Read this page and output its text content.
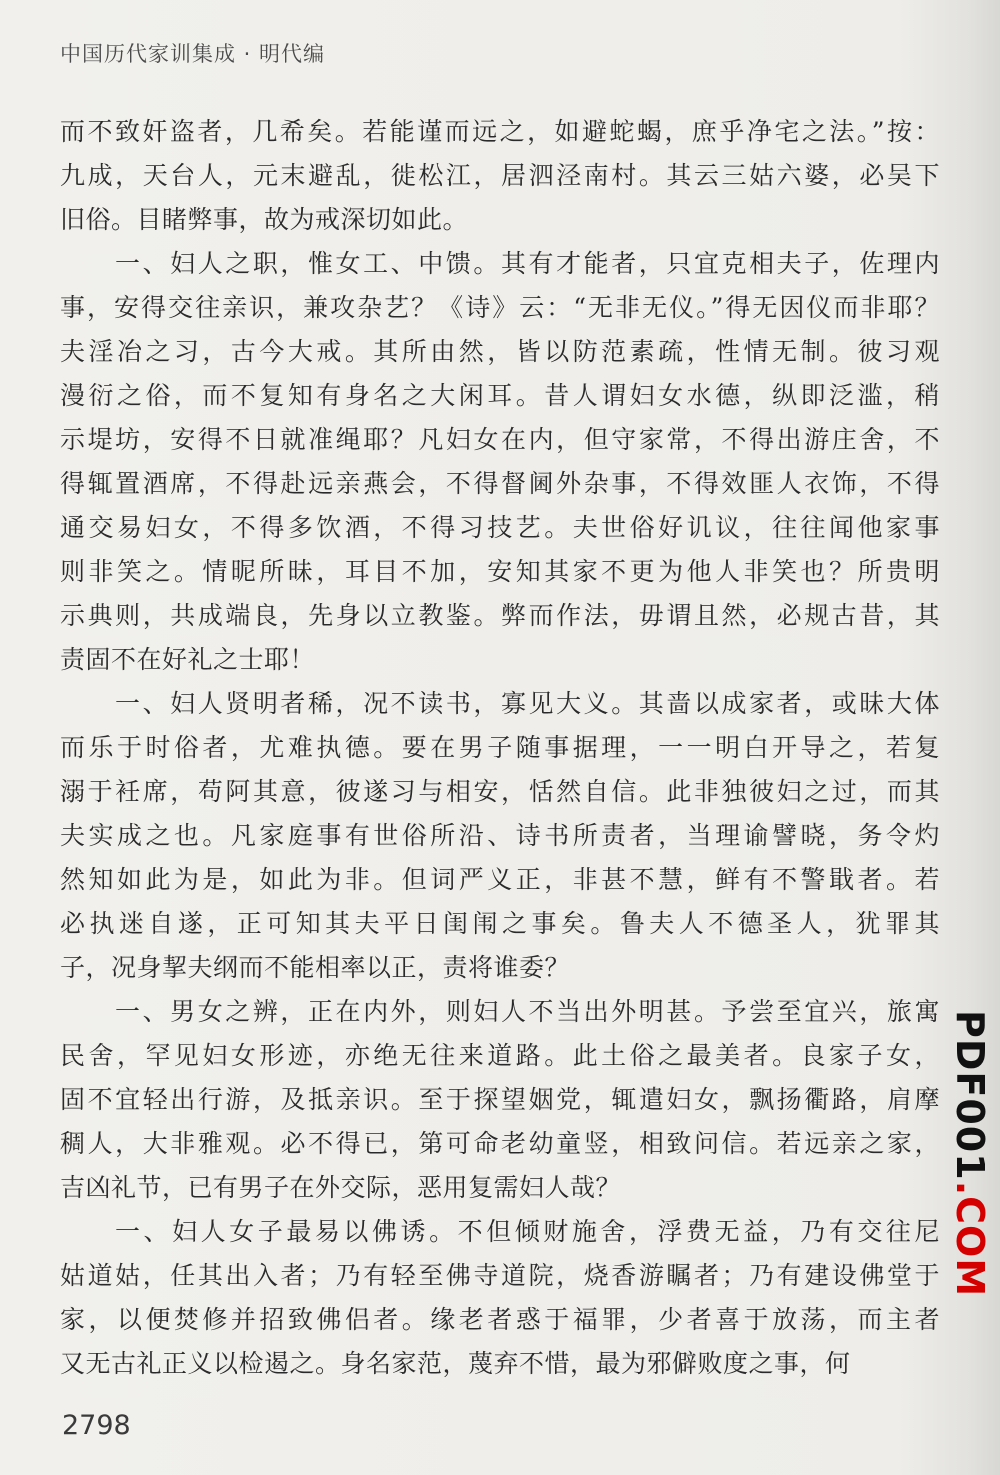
中国历代家训集成 · 明代编
而不致奸盗者，几希矣。若能谨而远之，如避蛇蝎，庶乎净宅之法。”按：
九成，天台人，元末避乱，徙松江，居泗泾南村。其云三姑六婆，必吴下
旧俗。目睹弊事，故为戒深切如此。
一、妇人之职，惟女工、中馈。其有才能者，只宜克相夫子，佐理内
事，安得交往亲识，兼攻杂艺？《诗》云：“无非无仪。”得无因仪而非耶？
夫淫冶之习，古今大戒。其所由然，皆以防范素疏，性情无制。彼习观
漫衍之俗，而不复知有身名之大闲耳。昔人谓妇女水德，纵即泛滥，稍
示堤坊，安得不日就准绳耶？凡妇女在内，但守家常，不得出游庄舍，不
得辄置酒席，不得赴远亲燕会，不得督阃外杂事，不得效匪人衣饰，不得
通交易妇女，不得多饮酒，不得习技艺。夫世俗好讥议，往往闻他家事
则非笑之。情昵所昧，耳目不加，安知其家不更为他人非笑也？所贵明
示典则，共成端良，先身以立教鉴。弊而作法，毋谓且然，必规古昔，其
责固不在好礼之士耶！
一、妇人贤明者稀，况不读书，寡见大义。其啬以成家者，或昧大体
而乐于时俗者，尤难执德。要在男子随事据理，一一明白开导之，若复
溺于衽席，苟阿其意，彼遂习与相安，恬然自信。此非独彼妇之过，而其
夫实成之也。凡家庭事有世俗所沿、诗书所责者，当理谕譬晓，务令灼
然知如此为是，如此为非。但词严义正，非甚不慧，鲜有不警戢者。若
必执迷自遂，正可知其夫平日闺闱之事矣。鲁夫人不德圣人，犹罪其
子，况身挈夫纲而不能相率以正，责将谁委？
一、男女之辨，正在内外，则妇人不当出外明甚。予尝至宜兴，旅寓
民舍，罕见妇女形迹，亦绝无往来道路。此土俗之最美者。良家子女，
固不宜轻出行游，及抵亲识。至于探望姻党，辄遣妇女，飘扬衢路，肩摩
稠人，大非雅观。必不得已，第可命老幼童竖，相致问信。若远亲之家，
吉凶礼节，已有男子在外交际，恶用复需妇人哉？
一、妇人女子最易以佛诱。不但倾财施舍，浮费无益，乃有交往尼
姑道姑，任其出入者；乃有轻至佛寺道院，烧香游瞩者；乃有建设佛堂于
家，以便焚修并招致佛侣者。缘老者惑于福罪，少者喜于放荡，而主者
又无古礼正义以检遏之。身名家范，蔑弃不惜，最为邪僻败度之事，何
2798
PDF001.COM
